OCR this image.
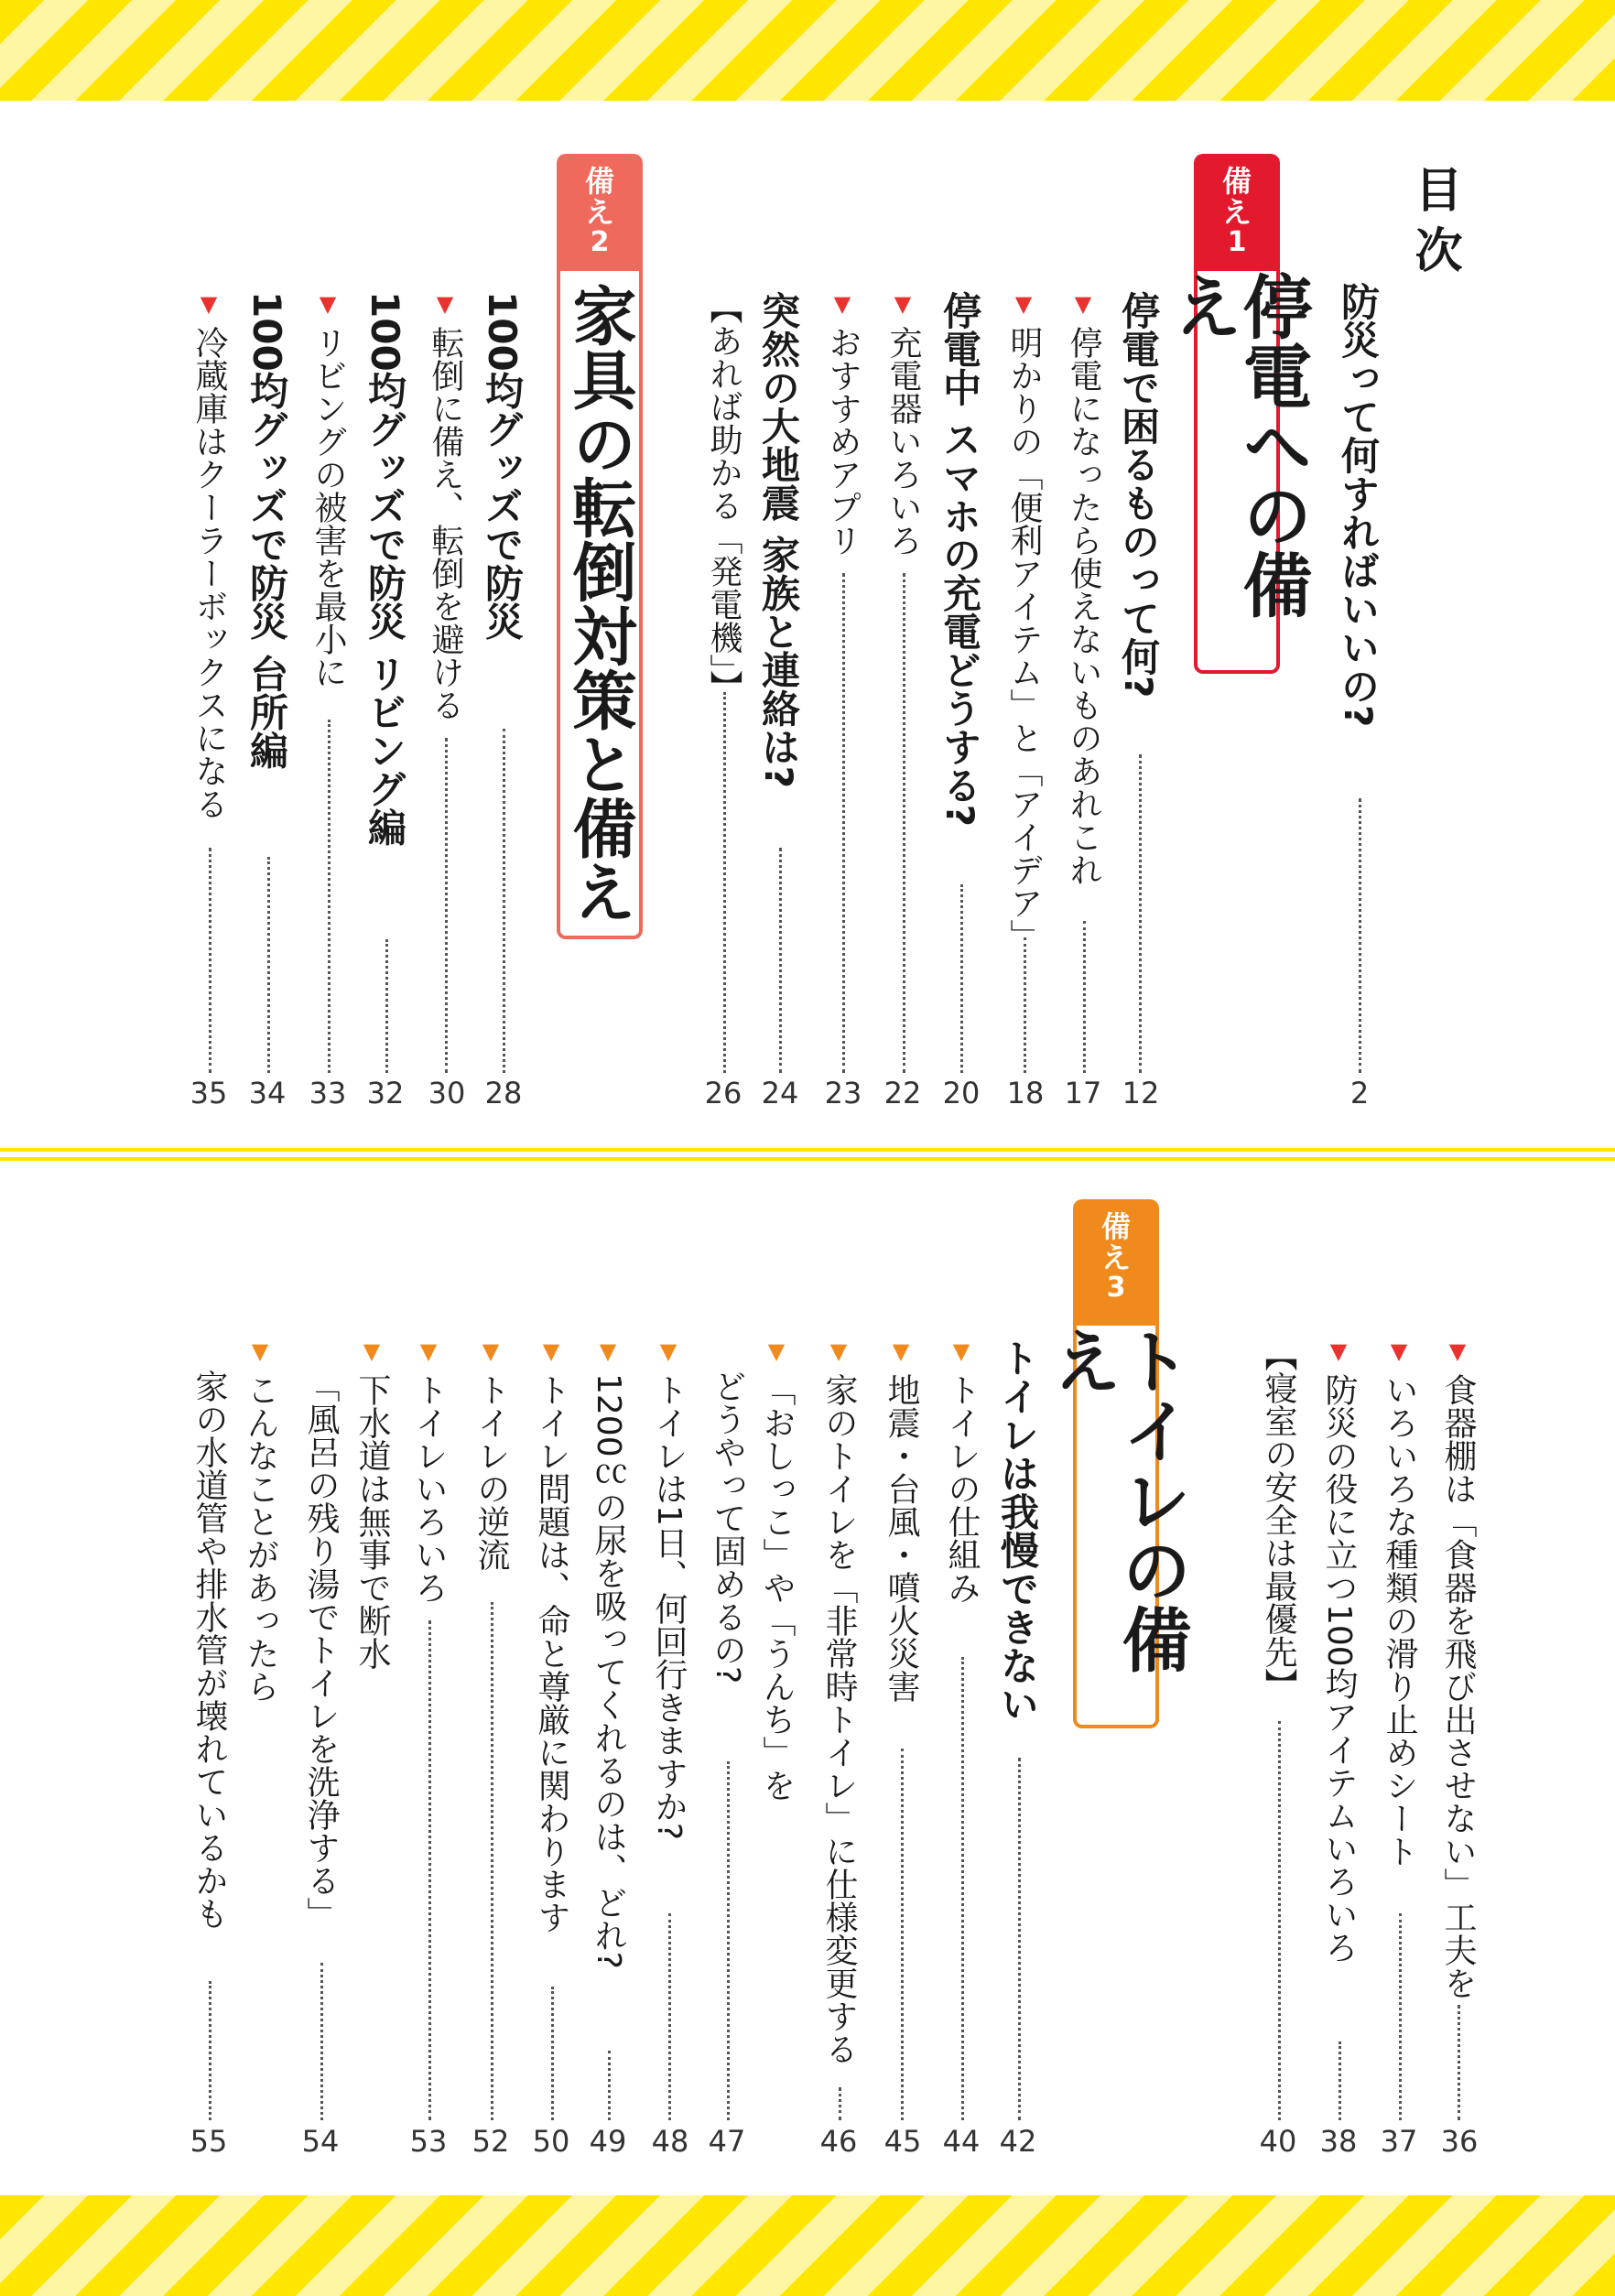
目次
防災って何すればいいの?
2
備
え
1
停電への備え
停電で困るものって何?
12
▼ 停電になったら使えないものあれこれ
17
▼ 明かりの「便利アイテム」と「アイデア」
18
停電中 スマホの充電どうする?
20
▼ 充電器いろいろ
22
▼ おすすめアプリ
23
突然の大地震 家族と連絡は?
24
【あれば助かる「発電機」】
26
備
え
2
家具の転倒対策と備え
100均グッズで防災
28
▼ 転倒に備え、転倒を避ける
30
100均グッズで防災 リビング編
32
▼ リビングの被害を最小に
33
100均グッズで防災 台所編
34
▼ 冷蔵庫はクーラーボックスになる
35
▼ 食器棚は「食器を飛び出させない」工夫を
36
▼ いろいろな種類の滑り止めシート
37
▼ 防災の役に立つ100均アイテムいろいろ
38
【寝室の安全は最優先】
40
備
え
3
トイレの備え
トイレは我慢できない
42
▼ トイレの仕組み
44
▼ 地震・台風・噴火災害
45
▼ 家のトイレを「非常時トイレ」に仕様変更する
46
▼ 「おしっこ」や「うんち」を
どうやって固めるの?
47
▼ トイレは1日、何回行きますか?
48
▼ 1200㏄の尿を吸ってくれるのは、どれ?
49
▼ トイレ問題は、命と尊厳に関わります
50
▼ トイレの逆流
52
▼ トイレいろいろ
53
▼ 下水道は無事で断水
「風呂の残り湯でトイレを洗浄する」
54
▼ こんなことがあったら
家の水道管や排水管が壊れているかも
55
